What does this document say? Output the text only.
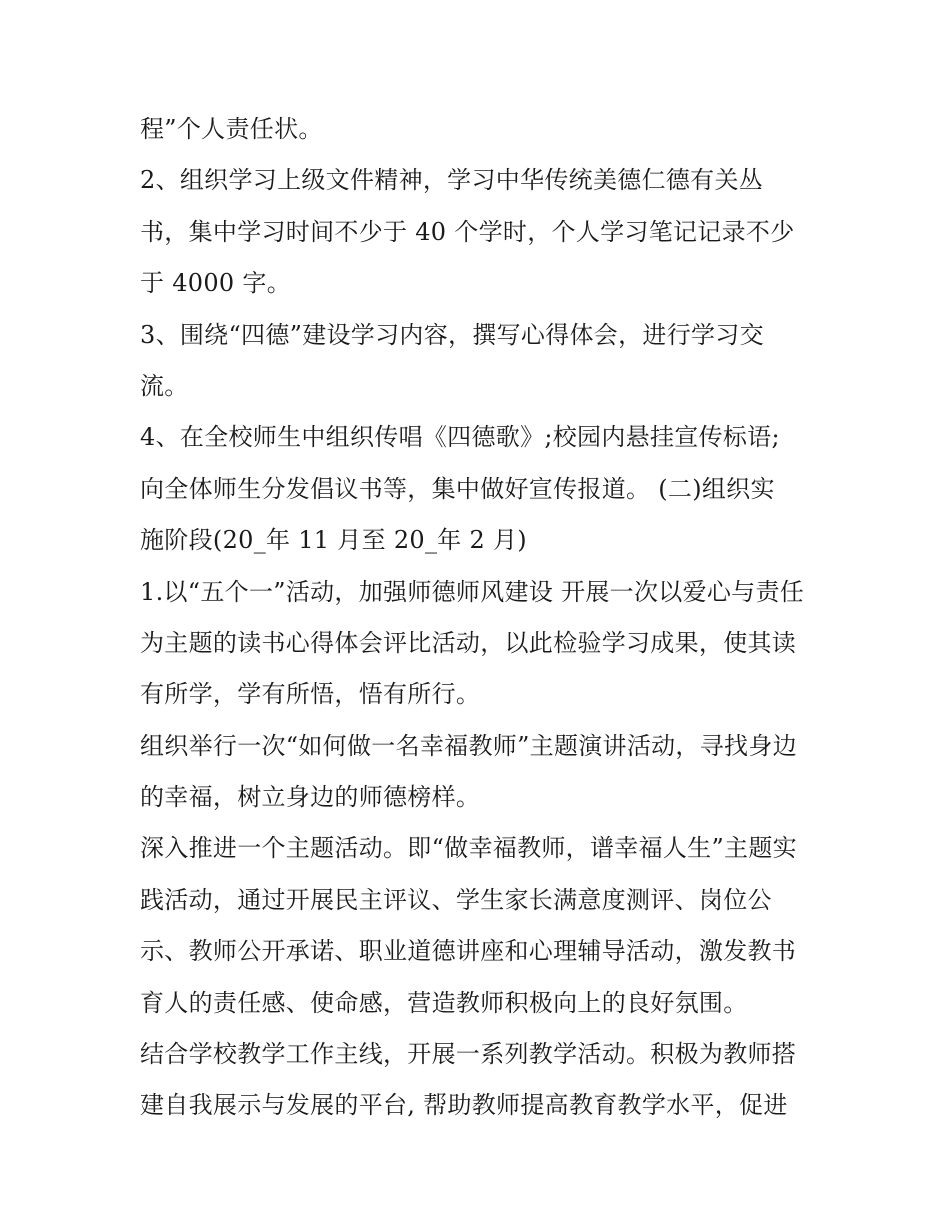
程”个人责任状。
2、组织学习上级文件精神，学习中华传统美德仁德有关丛
书，集中学习时间不少于 40 个学时，个人学习笔记记录不少
于 4000 字。
3、围绕“四德”建设学习内容，撰写心得体会，进行学习交
流。
4、在全校师生中组织传唱《四德歌》;校园内悬挂宣传标语;
向全体师生分发倡议书等，集中做好宣传报道。 (二)组织实
施阶段(20_年 11 月至 20_年 2 月)
1.以“五个一”活动，加强师德师风建设 开展一次以爱心与责任
为主题的读书心得体会评比活动，以此检验学习成果，使其读
有所学，学有所悟，悟有所行。
组织举行一次“如何做一名幸福教师”主题演讲活动，寻找身边
的幸福，树立身边的师德榜样。
深入推进一个主题活动。即“做幸福教师，谱幸福人生”主题实
践活动，通过开展民主评议、学生家长满意度测评、岗位公
示、教师公开承诺、职业道德讲座和心理辅导活动，激发教书
育人的责任感、使命感，营造教师积极向上的良好氛围。
结合学校教学工作主线，开展一系列教学活动。积极为教师搭
建自我展示与发展的平台, 帮助教师提高教育教学水平，促进
